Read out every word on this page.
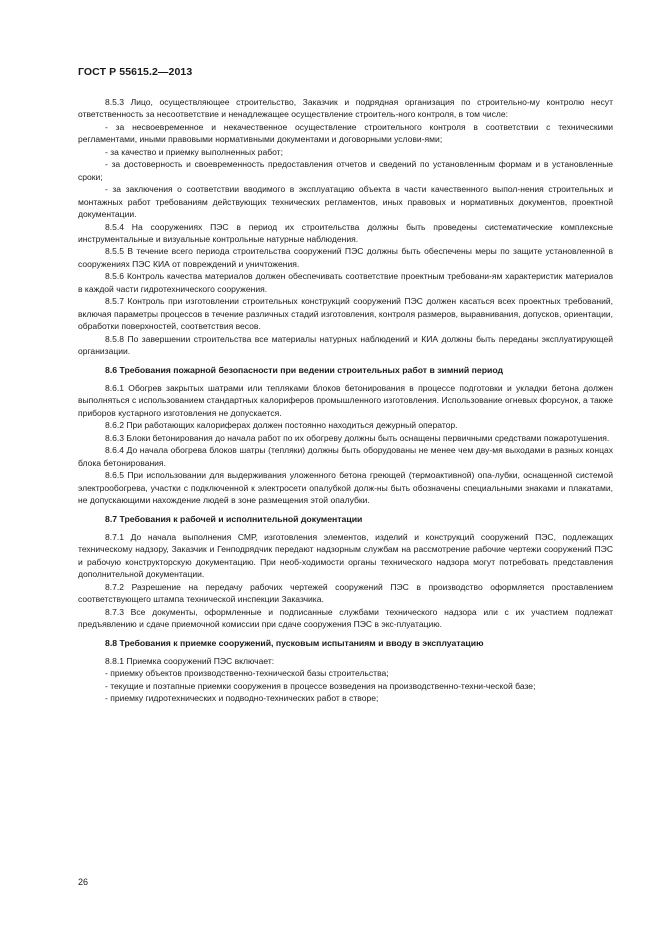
ГОСТ Р 55615.2—2013

8.5.3 Лицо, осуществляющее строительство, Заказчик и подрядная организация по строительно-му контролю несут ответственность за несоответствие и ненадлежащее осуществление строитель-ного контроля, в том числе:

- за несвоевременное и некачественное осуществление строительного контроля в соответствии с техническими регламентами, иными правовыми нормативными документами и договорными услови-ями;

- за качество и приемку выполненных работ;

- за достоверность и своевременность предоставления отчетов и сведений по установленным формам и в установленные сроки;

- за заключения о соответствии вводимого в эксплуатацию объекта в части качественного выпол-нения строительных и монтажных работ требованиям действующих технических регламентов, иных правовых и нормативных документов, проектной документации.

8.5.4 На сооружениях ПЭС в период их строительства должны быть проведены систематические комплексные инструментальные и визуальные контрольные натурные наблюдения.

8.5.5 В течение всего периода строительства сооружений ПЭС должны быть обеспечены меры по защите установленной в сооружениях ПЭС КИА от повреждений и уничтожения.

8.5.6 Контроль качества материалов должен обеспечивать соответствие проектным требовани-ям характеристик материалов в каждой части гидротехнического сооружения.

8.5.7 Контроль при изготовлении строительных конструкций сооружений ПЭС должен касаться всех проектных требований, включая параметры процессов в течение различных стадий изготовления, контроля размеров, выравнивания, допусков, ориентации, обработки поверхностей, соответствия весов.

8.5.8 По завершении строительства все материалы натурных наблюдений и КИА должны быть переданы эксплуатирующей организации.

8.6 Требования пожарной безопасности при ведении строительных работ в зимний период

8.6.1 Обогрев закрытых шатрами или тепляками блоков бетонирования в процессе подготовки и укладки бетона должен выполняться с использованием стандартных калориферов промышленного изготовления. Использование огневых форсунок, а также приборов кустарного изготовления не допускается.

8.6.2 При работающих калориферах должен постоянно находиться дежурный оператор.

8.6.3 Блоки бетонирования до начала работ по их обогреву должны быть оснащены первичными средствами пожаротушения.

8.6.4 До начала обогрева блоков шатры (тепляки) должны быть оборудованы не менее чем дву-мя выходами в разных концах блока бетонирования.

8.6.5 При использовании для выдерживания уложенного бетона греющей (термоактивной) опа-лубки, оснащенной системой электрообогрева, участки с подключенной к электросети опалубкой долж-ны быть обозначены специальными знаками и плакатами, не допускающими нахождение людей в зоне размещения этой опалубки.

8.7 Требования к рабочей и исполнительной документации

8.7.1 До начала выполнения СМР, изготовления элементов, изделий и конструкций сооружений ПЭС, подлежащих техническому надзору, Заказчик и Генподрядчик передают надзорным службам на рассмотрение рабочие чертежи сооружений ПЭС и рабочую конструкторскую документацию. При необ-ходимости органы технического надзора могут потребовать представления дополнительной документации.

8.7.2 Разрешение на передачу рабочих чертежей сооружений ПЭС в производство оформляется проставлением соответствующего штампа технической инспекции Заказчика.

8.7.3 Все документы, оформленные и подписанные службами технического надзора или с их участием подлежат предъявлению и сдаче приемочной комиссии при сдаче сооружения ПЭС в экс-плуатацию.

8.8 Требования к приемке сооружений, пусковым испытаниям и вводу в эксплуатацию

8.8.1 Приемка сооружений ПЭС включает:

- приемку объектов производственно-технической базы строительства;

- текущие и поэтапные приемки сооружения в процессе возведения на производственно-техни-ческой базе;

- приемку гидротехнических и подводно-технических работ в створе;

26
